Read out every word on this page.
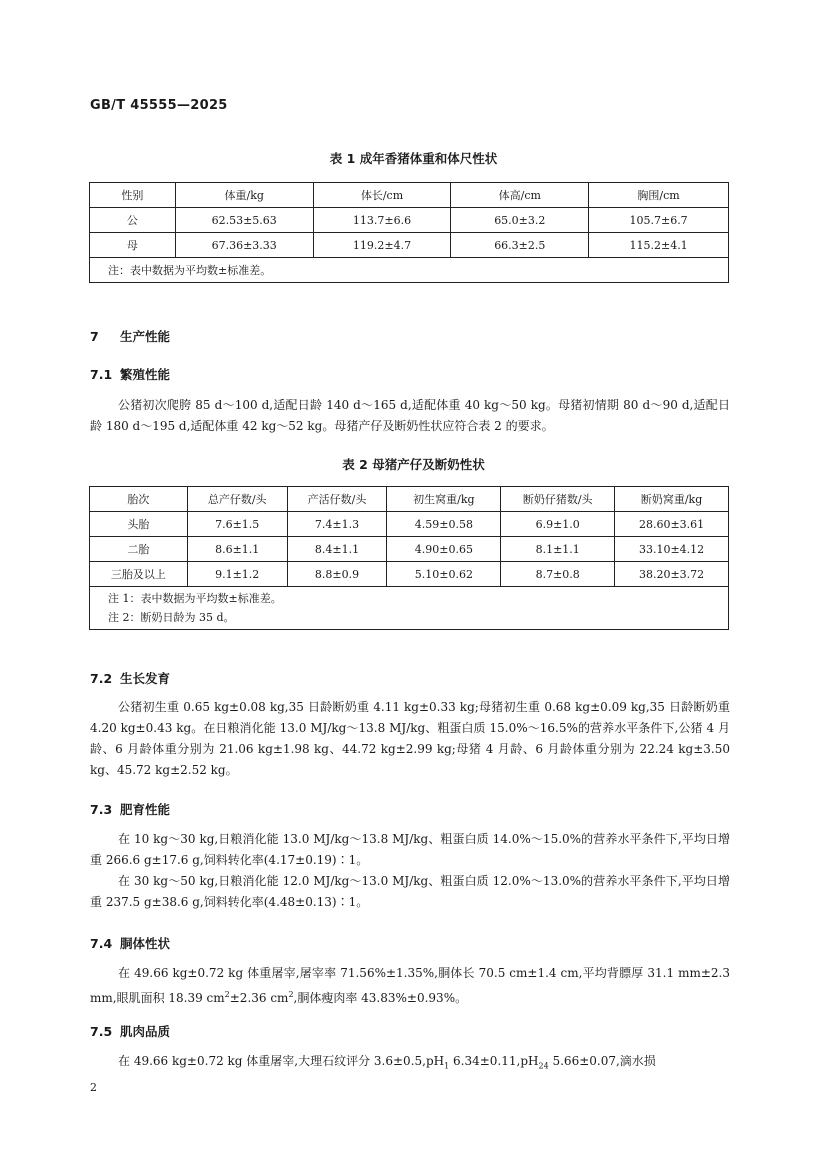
GB/T 45555—2025
表 1 成年香猪体重和体尺性状
性别	体重/kg	体长/cm	体高/cm	胸围/cm
公	62.53±5.63	113.7±6.6	65.0±3.2	105.7±6.7
母	67.36±3.33	119.2±4.7	66.3±2.5	115.2±4.1
注：表中数据为平均数±标准差。				
7 生产性能
7.1 繁殖性能

公猪初次爬胯 85 d～100 d,适配日龄 140 d～165 d,适配体重 40 kg～50 kg。母猪初情期 80 d～90 d,适配日龄 180 d～195 d,适配体重 42 kg～52 kg。母猪产仔及断奶性状应符合表 2 的要求。

表 2 母猪产仔及断奶性状
胎次	总产仔数/头	产活仔数/头	初生窝重/kg	断奶仔猪数/头	断奶窝重/kg
头胎	7.6±1.5	7.4±1.3	4.59±0.58	6.9±1.0	28.60±3.61
二胎	8.6±1.1	8.4±1.1	4.90±0.65	8.1±1.1	33.10±4.12
三胎及以上	9.1±1.2	8.8±0.9	5.10±0.62	8.7±0.8	38.20±3.72

注 1：表中数据为平均数±标准差。
注 2：断奶日龄为 35 d。					
7.2 生长发育

公猪初生重 0.65 kg±0.08 kg,35 日龄断奶重 4.11 kg±0.33 kg;母猪初生重 0.68 kg±0.09 kg,35 日龄断奶重 4.20 kg±0.43 kg。在日粮消化能 13.0 MJ/kg～13.8 MJ/kg、粗蛋白质 15.0%～16.5%的营养水平条件下,公猪 4 月龄、6 月龄体重分别为 21.06 kg±1.98 kg、44.72 kg±2.99 kg;母猪 4 月龄、6 月龄体重分别为 22.24 kg±3.50 kg、45.72 kg±2.52 kg。

7.3 肥育性能

在 10 kg～30 kg,日粮消化能 13.0 MJ/kg～13.8 MJ/kg、粗蛋白质 14.0%～15.0%的营养水平条件下,平均日增重 266.6 g±17.6 g,饲料转化率(4.17±0.19)∶1。

在 30 kg～50 kg,日粮消化能 12.0 MJ/kg～13.0 MJ/kg、粗蛋白质 12.0%～13.0%的营养水平条件下,平均日增重 237.5 g±38.6 g,饲料转化率(4.48±0.13)∶1。

7.4 胴体性状

在 49.66 kg±0.72 kg 体重屠宰,屠宰率 71.56%±1.35%,胴体长 70.5 cm±1.4 cm,平均背膘厚 31.1 mm±2.3 mm,眼肌面积 18.39 $cm^2\pm 2.36$ $cm^2$,胴体瘦肉率 43.83%±0.93%。

7.5 肌肉品质

在 49.66 kg±0.72 kg 体重屠宰,大理石纹评分 $3.6\pm 0.5,pH_1$ $6.34\pm 0.11,pH_{24}$ 5.66±0.07,滴水损

2
